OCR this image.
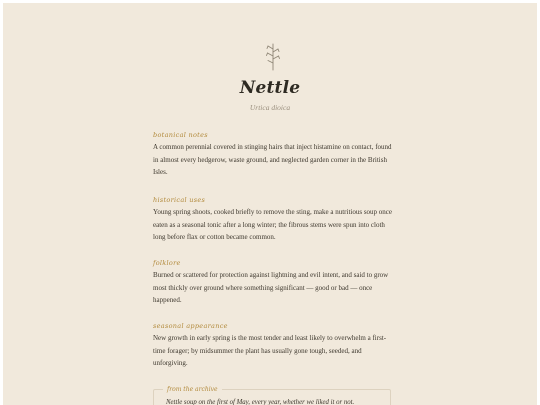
Nettle
Urtica dioica
botanical notes
A common perennial covered in stinging hairs that inject histamine on contact, found in almost every hedgerow, waste ground, and neglected garden corner in the British Isles.
historical uses
Young spring shoots, cooked briefly to remove the sting, make a nutritious soup once eaten as a seasonal tonic after a long winter; the fibrous stems were spun into cloth long before flax or cotton became common.
folklore
Burned or scattered for protection against lightning and evil intent, and said to grow most thickly over ground where something significant — good or bad — once happened.
seasonal appearance
New growth in early spring is the most tender and least likely to overwhelm a first-time forager; by midsummer the plant has usually gone tough, seeded, and unforgiving.
from the archive
Nettle soup on the first of May, every year, whether we liked it or not.
